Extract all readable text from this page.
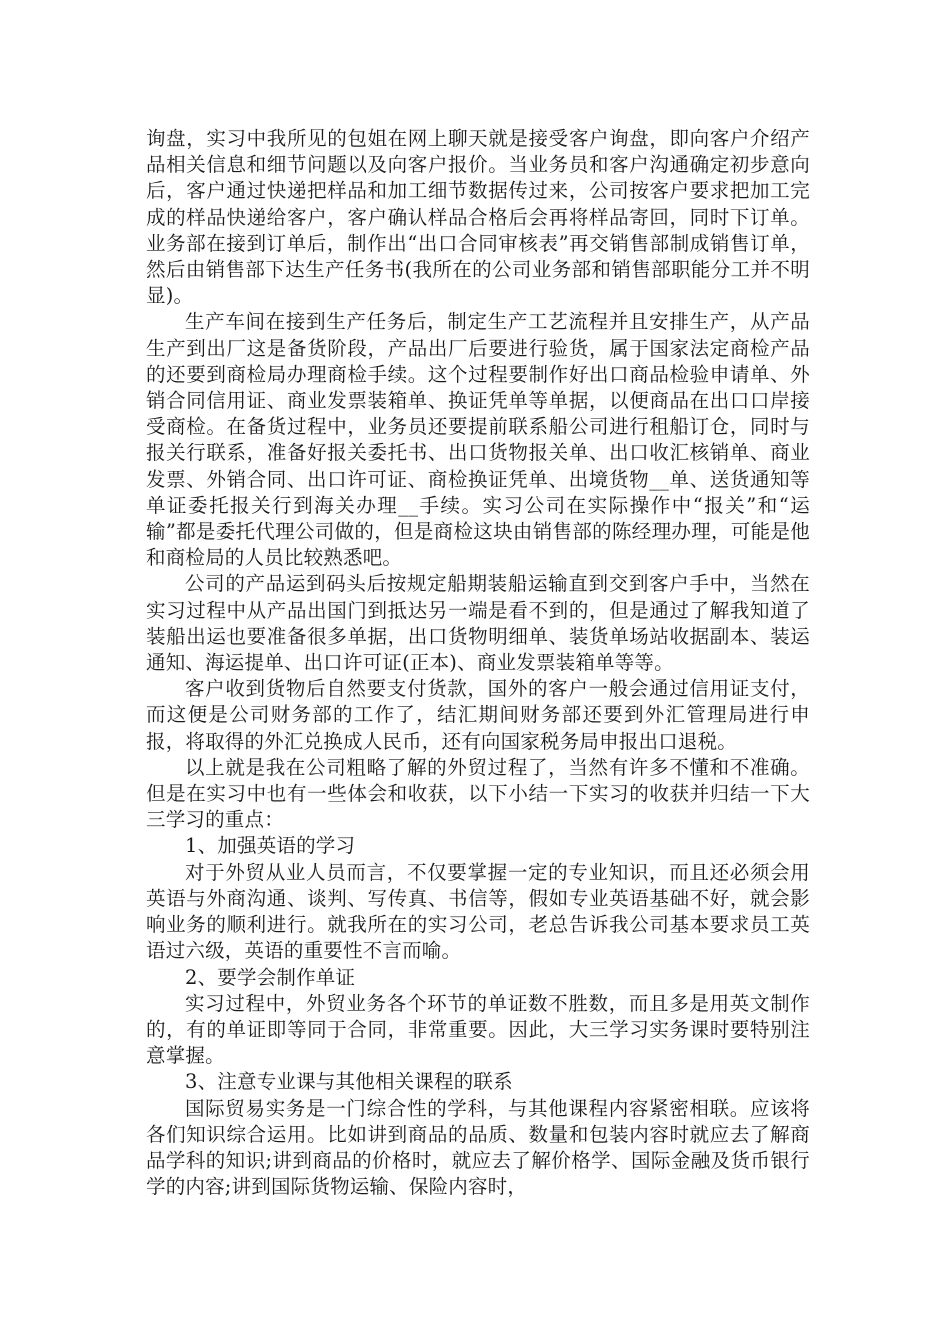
询盘，实习中我所见的包姐在网上聊天就是接受客户询盘，即向客户介绍产品相关信息和细节问题以及向客户报价。当业务员和客户沟通确定初步意向后，客户通过快递把样品和加工细节数据传过来，公司按客户要求把加工完成的样品快递给客户，客户确认样品合格后会再将样品寄回，同时下订单。业务部在接到订单后，制作出“出口合同审核表”再交销售部制成销售订单，然后由销售部下达生产任务书(我所在的公司业务部和销售部职能分工并不明显)。

生产车间在接到生产任务后，制定生产工艺流程并且安排生产，从产品生产到出厂这是备货阶段，产品出厂后要进行验货，属于国家法定商检产品的还要到商检局办理商检手续。这个过程要制作好出口商品检验申请单、外销合同信用证、商业发票装箱单、换证凭单等单据，以便商品在出口口岸接受商检。在备货过程中，业务员还要提前联系船公司进行租船订仓，同时与报关行联系，准备好报关委托书、出口货物报关单、出口收汇核销单、商业发票、外销合同、出口许可证、商检换证凭单、出境货物__单、送货通知等单证委托报关行到海关办理__手续。实习公司在实际操作中“报关”和“运输”都是委托代理公司做的，但是商检这块由销售部的陈经理办理，可能是他和商检局的人员比较熟悉吧。

公司的产品运到码头后按规定船期装船运输直到交到客户手中，当然在实习过程中从产品出国门到抵达另一端是看不到的，但是通过了解我知道了装船出运也要准备很多单据，出口货物明细单、装货单场站收据副本、装运通知、海运提单、出口许可证(正本)、商业发票装箱单等等。

客户收到货物后自然要支付货款，国外的客户一般会通过信用证支付，而这便是公司财务部的工作了，结汇期间财务部还要到外汇管理局进行申报，将取得的外汇兑换成人民币，还有向国家税务局申报出口退税。

以上就是我在公司粗略了解的外贸过程了，当然有许多不懂和不准确。但是在实习中也有一些体会和收获，以下小结一下实习的收获并归结一下大三学习的重点：

1、加强英语的学习

对于外贸从业人员而言，不仅要掌握一定的专业知识，而且还必须会用英语与外商沟通、谈判、写传真、书信等，假如专业英语基础不好，就会影响业务的顺利进行。就我所在的实习公司，老总告诉我公司基本要求员工英语过六级，英语的重要性不言而喻。

2、要学会制作单证

实习过程中，外贸业务各个环节的单证数不胜数，而且多是用英文制作的，有的单证即等同于合同，非常重要。因此，大三学习实务课时要特别注意掌握。

3、注意专业课与其他相关课程的联系

国际贸易实务是一门综合性的学科，与其他课程内容紧密相联。应该将各们知识综合运用。比如讲到商品的品质、数量和包装内容时就应去了解商品学科的知识;讲到商品的价格时，就应去了解价格学、国际金融及货币银行学的内容;讲到国际货物运输、保险内容时，
